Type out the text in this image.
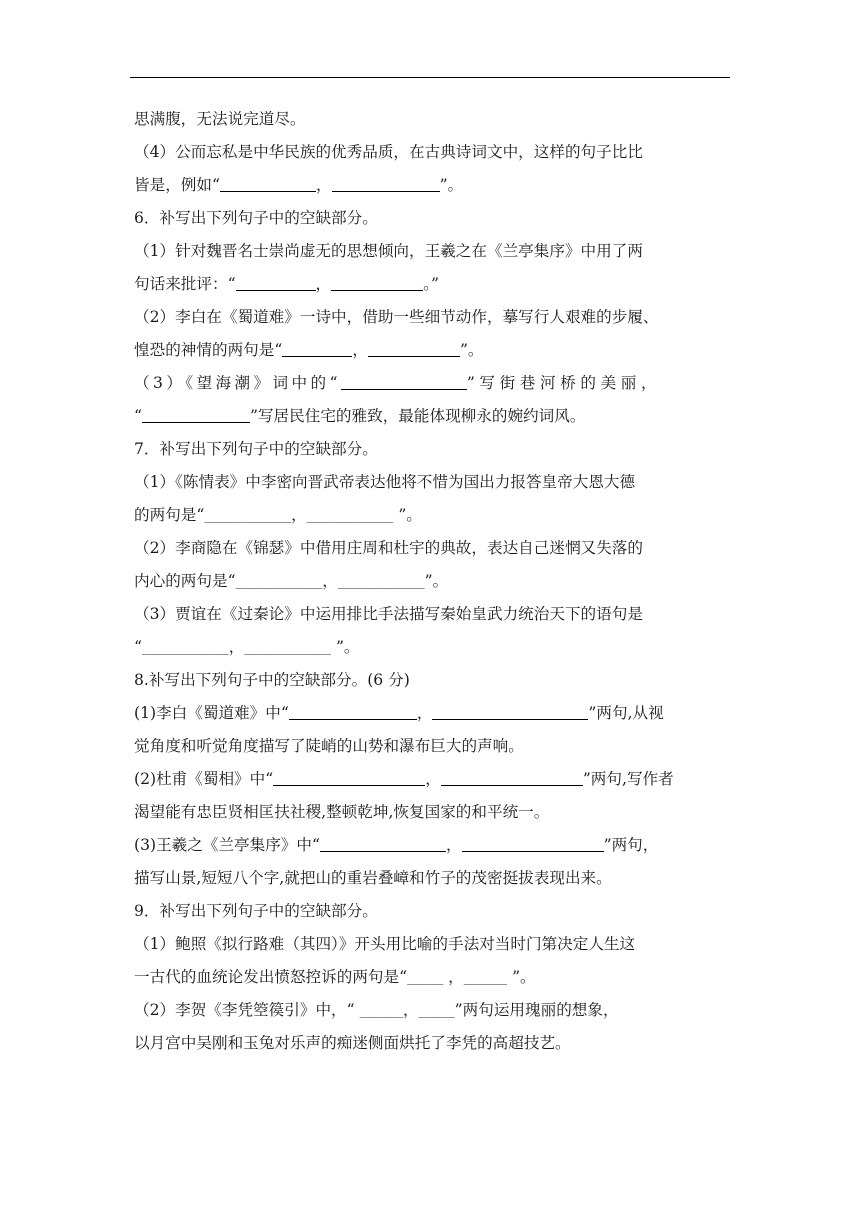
思满腹，无法说完道尽。
（4）公而忘私是中华民族的优秀品质，在古典诗词文中，这样的句子比比
皆是，例如“	，	”。
6．补写出下列句子中的空缺部分。
（1）针对魏晋名士崇尚虚无的思想倾向，王羲之在《兰亭集序》中用了两
句话来批评：“	，	。”
（2）李白在《蜀道难》一诗中，借助一些细节动作，摹写行人艰难的步履、
惶恐的神情的两句是“	，	”。
（3）《望海潮》词中的“	”写街巷河桥的美丽，
“	”写居民住宅的雅致，最能体现柳永的婉约词风。
7．补写出下列句子中的空缺部分。
（1）《陈情表》中李密向晋武帝表达他将不惜为国出力报答皇帝大恩大德
的两句是“____________，____________ ”。
（2）李商隐在《锦瑟》中借用庄周和杜宇的典故，表达自己迷惘又失落的
内心的两句是“____________，____________”。
（3）贾谊在《过秦论》中运用排比手法描写秦始皇武力统治天下的语句是
“____________，____________ ”。
8.补写出下列句子中的空缺部分。(6 分)
(1)李白《蜀道难》中“	，	”两句,从视
觉角度和听觉角度描写了陡峭的山势和瀑布巨大的声响。
(2)杜甫《蜀相》中“	，	”两句,写作者
渴望能有忠臣贤相匡扶社稷,整顿乾坤,恢复国家的和平统一。
(3)王羲之《兰亭集序》中“	，	”两句，
描写山景,短短八个字,就把山的重岩叠嶂和竹子的茂密挺拔表现出来。
9．补写出下列句子中的空缺部分。
（1）鲍照《拟行路难（其四）》开头用比喻的手法对当时门第决定人生这
一古代的血统论发出愤怒控诉的两句是“_____ ，______ ”。
（2）李贺《李凭箜篌引》中，“ ______，_____”两句运用瑰丽的想象，
以月宫中吴刚和玉兔对乐声的痴迷侧面烘托了李凭的高超技艺。
